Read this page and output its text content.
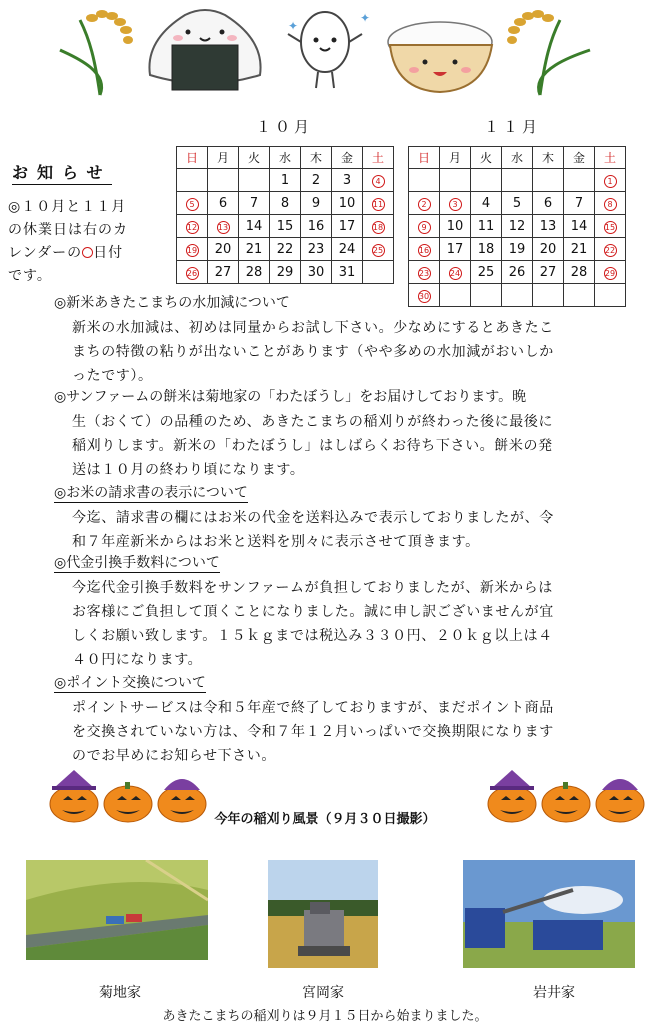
✦
✦
１０月	１１月
日	月	火	水	木	金	土
			1	2	3	4
5	6	7	8	9	10	11
12	13	14	15	16	17	18
19	20	21	22	23	24	25
26	27	28	29	30	31	
日	月	火	水	木	金	土
						1
2	3	4	5	6	7	8
9	10	11	12	13	14	15
16	17	18	19	20	21	22
23	24	25	26	27	28	29
30						
お知らせ
◎１０月と１１月
の休業日は右のカ
レンダーの 日付
です。
◎新米あきたこまちの水加減について
新米の水加減は、初めは同量からお試し下さい。少なめにするとあきたこ
まちの特徴の粘りが出ないことがあります（やや多めの水加減がおいしか
ったです）。
◎サンファームの餅米は菊地家の「わたぼうし」をお届けしております。晩
生（おくて）の品種のため、あきたこまちの稲刈りが終わった後に最後に
稲刈りします。新米の「わたぼうし」はしばらくお待ち下さい。餅米の発
送は１０月の終わり頃になります。
◎お米の請求書の表示について
今迄、請求書の欄にはお米の代金を送料込みで表示しておりましたが、令
和７年産新米からはお米と送料を別々に表示させて頂きます。
◎代金引換手数料について
今迄代金引換手数料をサンファームが負担しておりましたが、新米からは
お客様にご負担して頂くことになりました。誠に申し訳ございませんが宜
しくお願い致します。１５ｋｇまでは税込み３３０円、２０ｋｇ以上は４
４０円になります。
◎ポイント交換について
ポイントサービスは令和５年産で終了しておりますが、まだポイント商品
を交換されていない方は、令和７年１２月いっぱいで交換期限になります
のでお早めにお知らせ下さい。
今年の稲刈り風景（９月３０日撮影）
菊地家	宮岡家	岩井家
あきたこまちの稲刈りは９月１５日から始まりました。
